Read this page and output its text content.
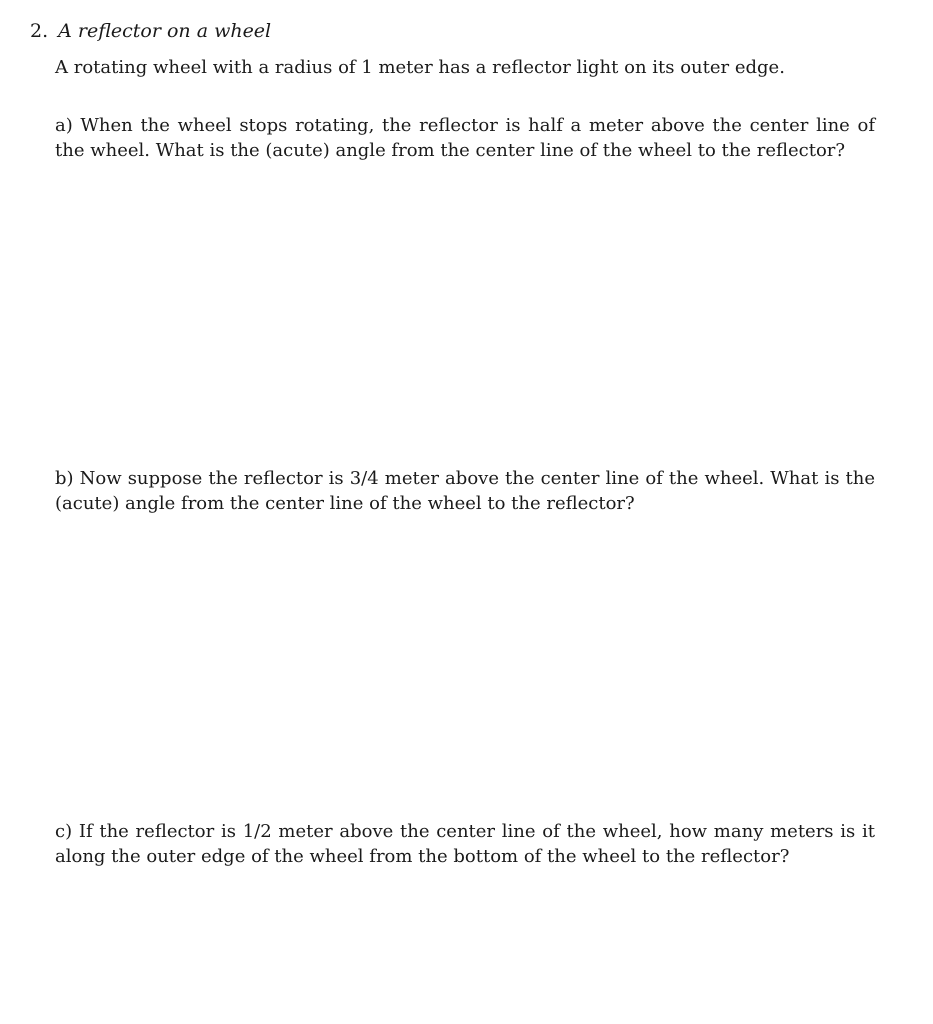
2. A reflector on a wheel
A rotating wheel with a radius of 1 meter has a reflector light on its outer edge.
a) When the wheel stops rotating, the reflector is half a meter above the center line of the wheel. What is the (acute) angle from the center line of the wheel to the reflector?
b) Now suppose the reflector is 3/4 meter above the center line of the wheel. What is the (acute) angle from the center line of the wheel to the reflector?
c) If the reflector is 1/2 meter above the center line of the wheel, how many meters is it along the outer edge of the wheel from the bottom of the wheel to the reflector?
